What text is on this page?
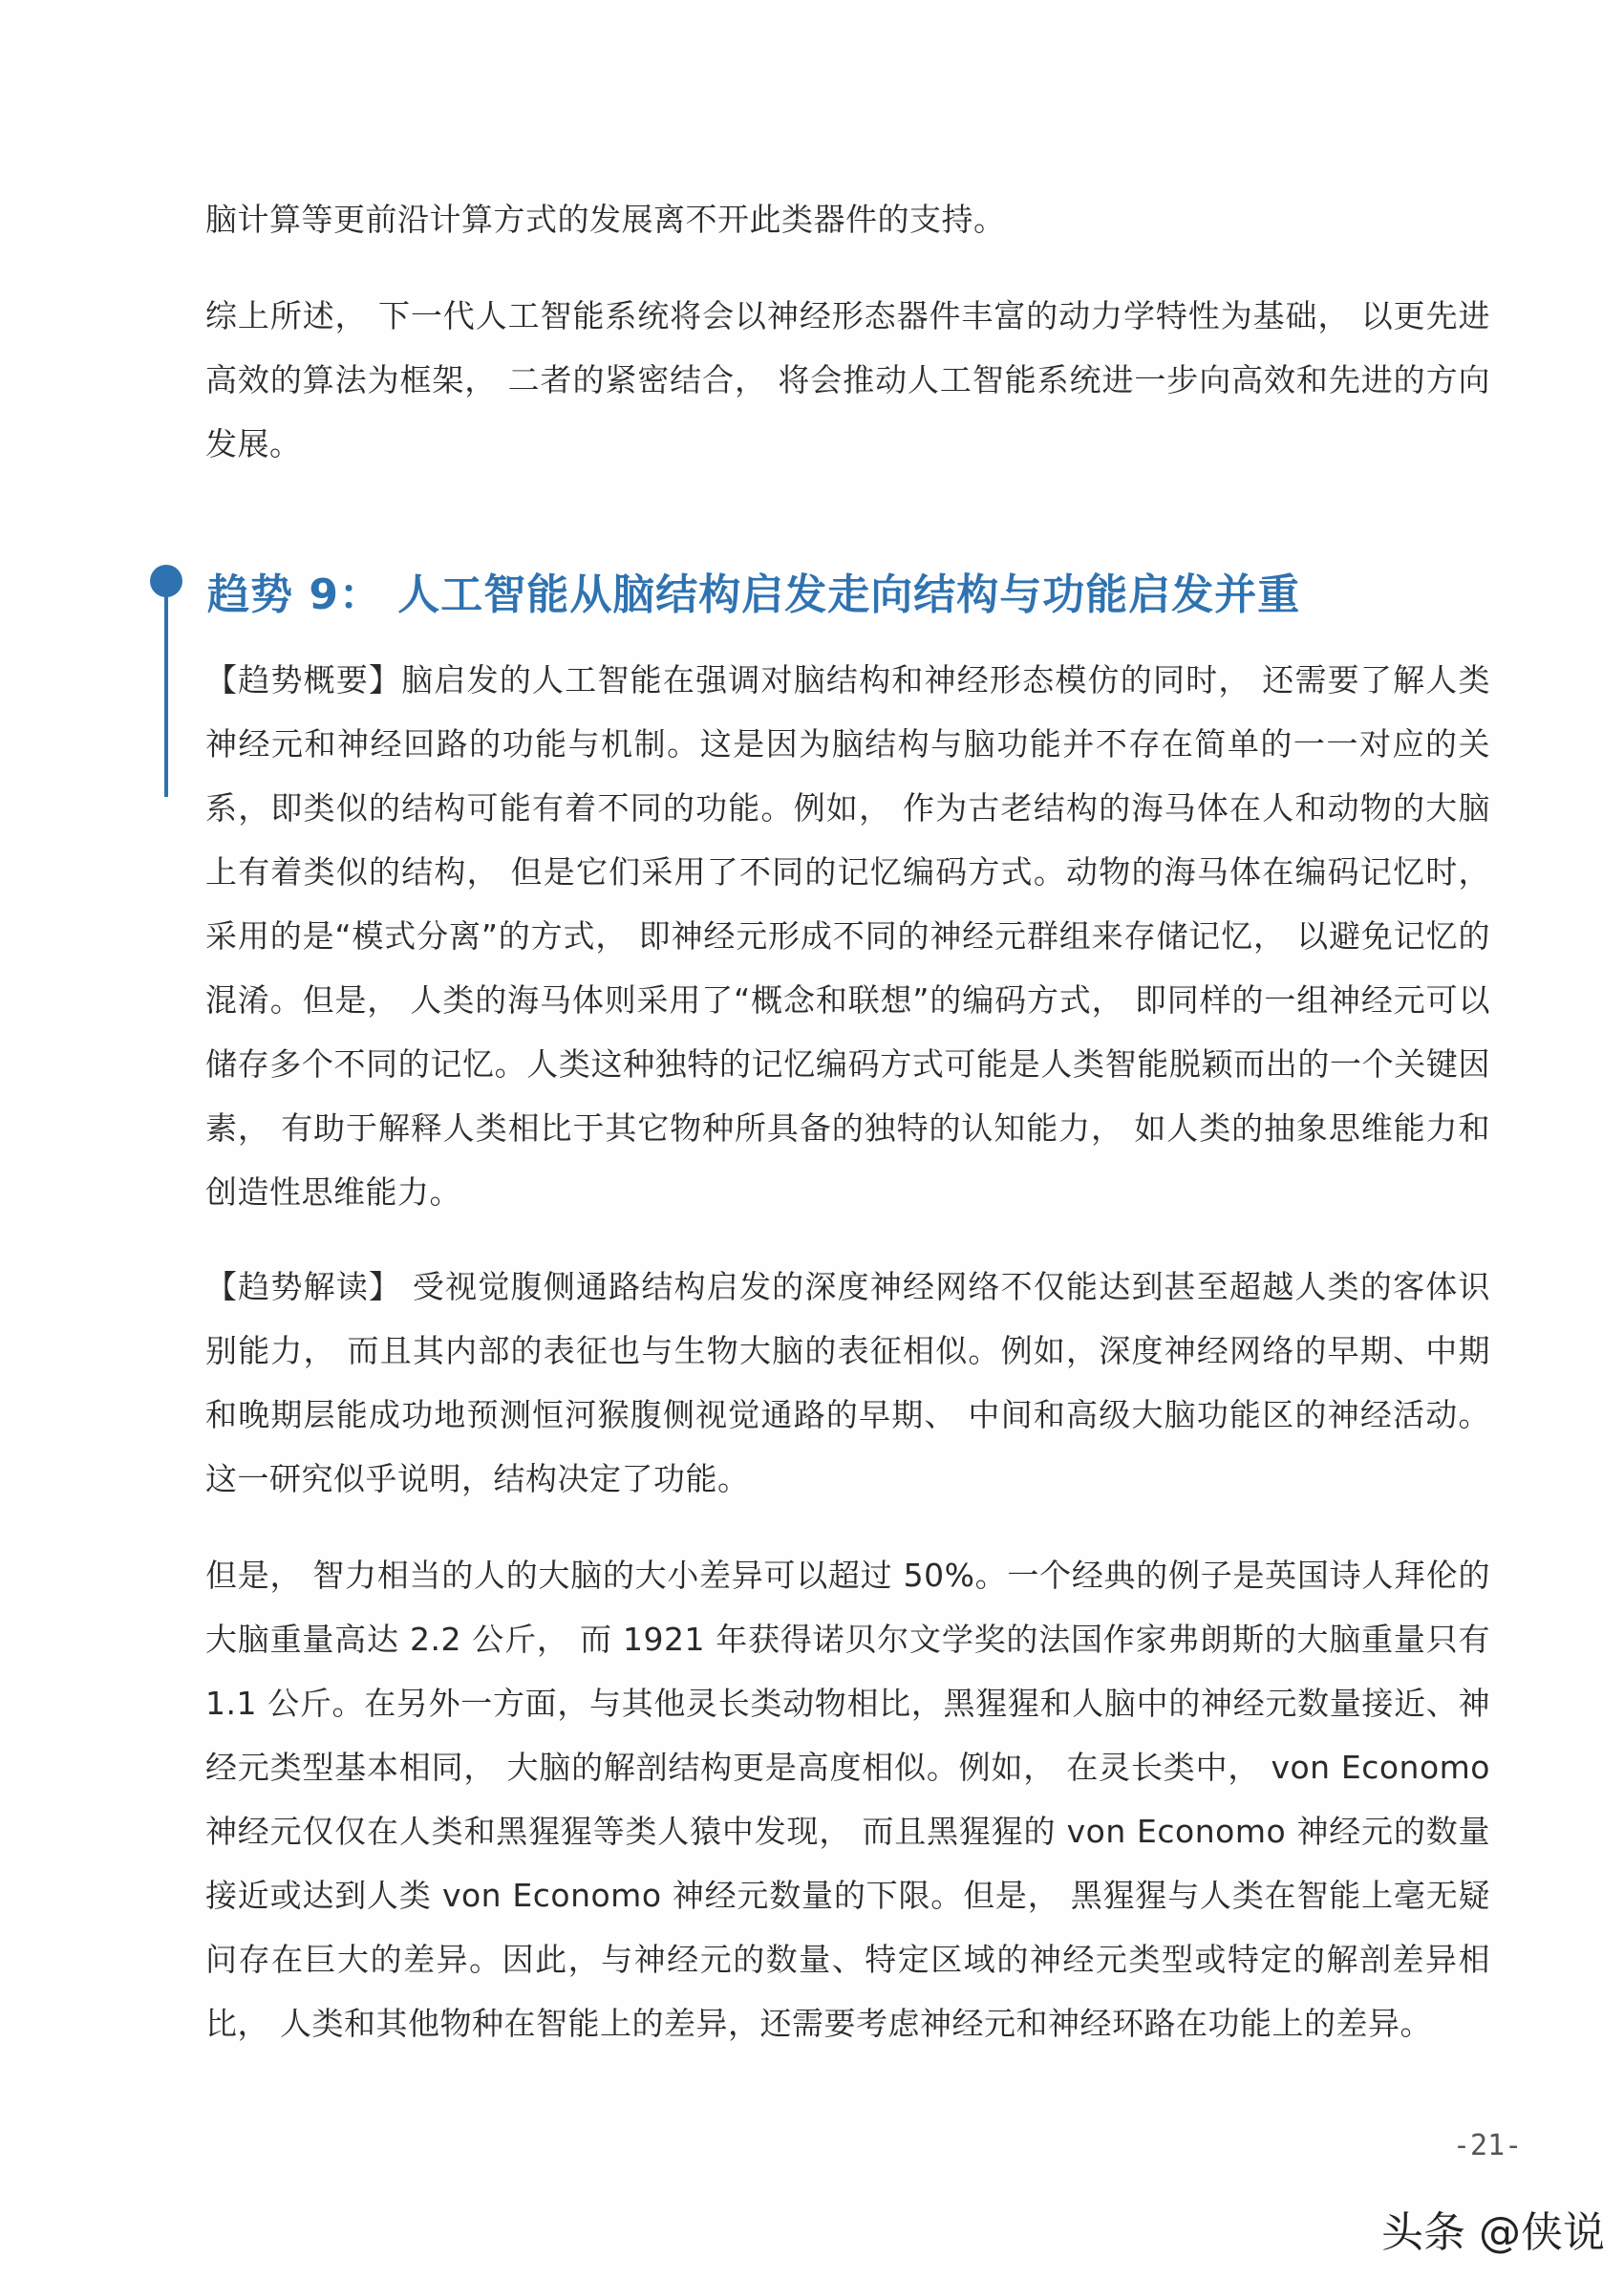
脑计算等更前沿计算方式的发展离不开此类器件的支持。

综上所述， 下一代人工智能系统将会以神经形态器件丰富的动力学特性为基础， 以更先进高效的算法为框架， 二者的紧密结合， 将会推动人工智能系统进一步向高效和先进的方向发展。

趋势 9： 人工智能从脑结构启发走向结构与功能启发并重

【趋势概要】脑启发的人工智能在强调对脑结构和神经形态模仿的同时， 还需要了解人类神经元和神经回路的功能与机制。这是因为脑结构与脑功能并不存在简单的一一对应的关系，即类似的结构可能有着不同的功能。例如， 作为古老结构的海马体在人和动物的大脑上有着类似的结构， 但是它们采用了不同的记忆编码方式。动物的海马体在编码记忆时， 采用的是“模式分离”的方式， 即神经元形成不同的神经元群组来存储记忆， 以避免记忆的混淆。但是， 人类的海马体则采用了“概念和联想”的编码方式， 即同样的一组神经元可以储存多个不同的记忆。人类这种独特的记忆编码方式可能是人类智能脱颖而出的一个关键因素， 有助于解释人类相比于其它物种所具备的独特的认知能力， 如人类的抽象思维能力和创造性思维能力。

【趋势解读】 受视觉腹侧通路结构启发的深度神经网络不仅能达到甚至超越人类的客体识别能力， 而且其内部的表征也与生物大脑的表征相似。例如，深度神经网络的早期、中期和晚期层能成功地预测恒河猴腹侧视觉通路的早期、 中间和高级大脑功能区的神经活动。这一研究似乎说明，结构决定了功能。

但是， 智力相当的人的大脑的大小差异可以超过 50%。一个经典的例子是英国诗人拜伦的大脑重量高达 2.2 公斤， 而 1921 年获得诺贝尔文学奖的法国作家弗朗斯的大脑重量只有 1.1 公斤。在另外一方面，与其他灵长类动物相比，黑猩猩和人脑中的神经元数量接近、神经元类型基本相同， 大脑的解剖结构更是高度相似。例如， 在灵长类中， von Economo 神经元仅仅在人类和黑猩猩等类人猿中发现， 而且黑猩猩的 von Economo 神经元的数量接近或达到人类 von Economo 神经元数量的下限。但是， 黑猩猩与人类在智能上毫无疑问存在巨大的差异。因此，与神经元的数量、特定区域的神经元类型或特定的解剖差异相比， 人类和其他物种在智能上的差异，还需要考虑神经元和神经环路在功能上的差异。

-21-
头条 @侠说
